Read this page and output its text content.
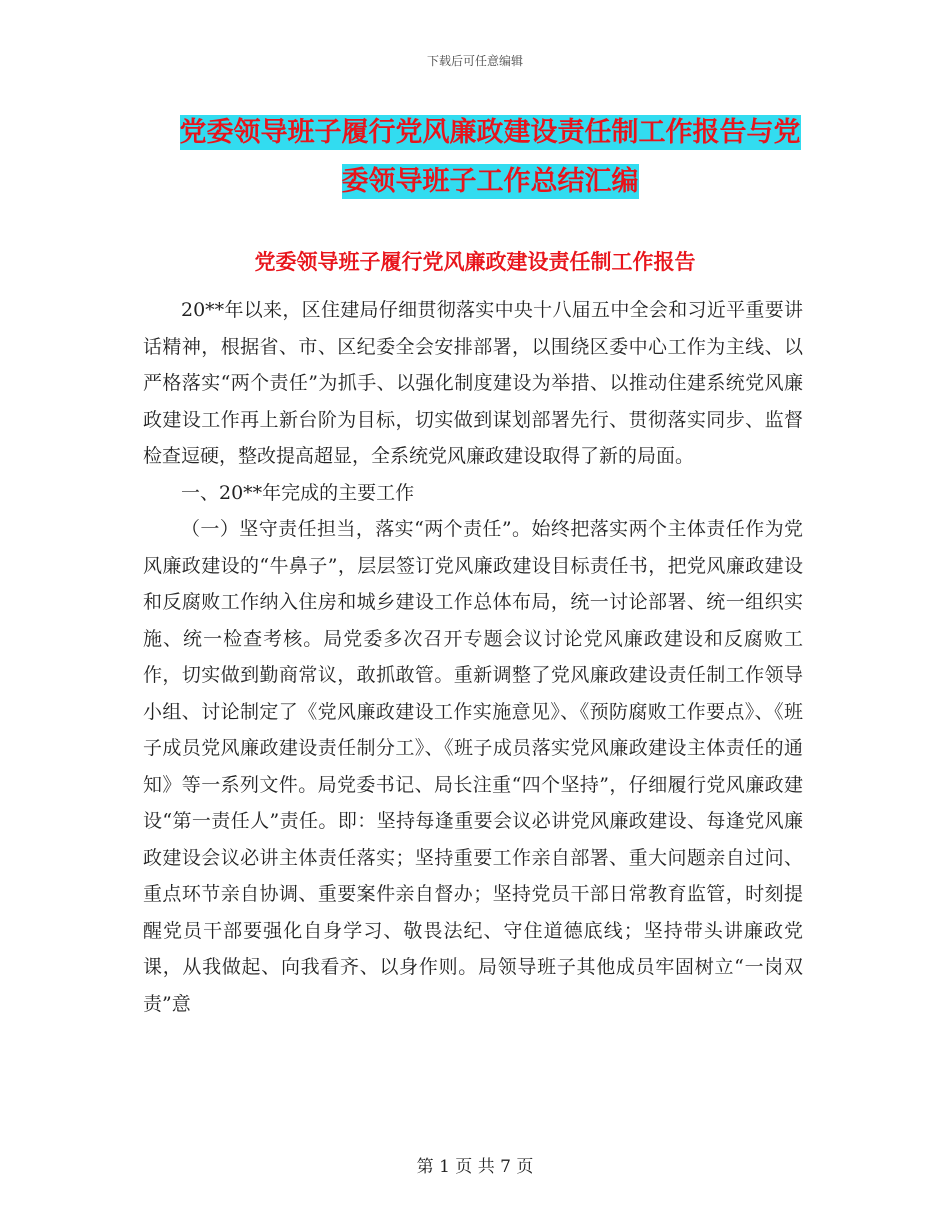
下载后可任意编辑
党委领导班子履行党风廉政建设责任制工作报告与党
委领导班子工作总结汇编
党委领导班子履行党风廉政建设责任制工作报告

20**年以来，区住建局仔细贯彻落实中央十八届五中全会和习近平重要讲话精神，根据省、市、区纪委全会安排部署，以围绕区委中心工作为主线、以严格落实“两个责任”为抓手、以强化制度建设为举措、以推动住建系统党风廉政建设工作再上新台阶为目标，切实做到谋划部署先行、贯彻落实同步、监督检查逗硬，整改提高超显，全系统党风廉政建设取得了新的局面。

一、20**年完成的主要工作

（一）坚守责任担当，落实“两个责任”。始终把落实两个主体责任作为党风廉政建设的“牛鼻子”，层层签订党风廉政建设目标责任书，把党风廉政建设和反腐败工作纳入住房和城乡建设工作总体布局，统一讨论部署、统一组织实施、统一检查考核。局党委多次召开专题会议讨论党风廉政建设和反腐败工作，切实做到勤商常议，敢抓敢管。重新调整了党风廉政建设责任制工作领导小组、讨论制定了《党风廉政建设工作实施意见》、《预防腐败工作要点》、《班子成员党风廉政建设责任制分工》、《班子成员落实党风廉政建设主体责任的通知》等一系列文件。局党委书记、局长注重“四个坚持”，仔细履行党风廉政建设“第一责任人”责任。即：坚持每逢重要会议必讲党风廉政建设、每逢党风廉政建设会议必讲主体责任落实；坚持重要工作亲自部署、重大问题亲自过问、重点环节亲自协调、重要案件亲自督办；坚持党员干部日常教育监管，时刻提醒党员干部要强化自身学习、敬畏法纪、守住道德底线；坚持带头讲廉政党课，从我做起、向我看齐、以身作则。局领导班子其他成员牢固树立“一岗双责”意

第 1 页 共 7 页
